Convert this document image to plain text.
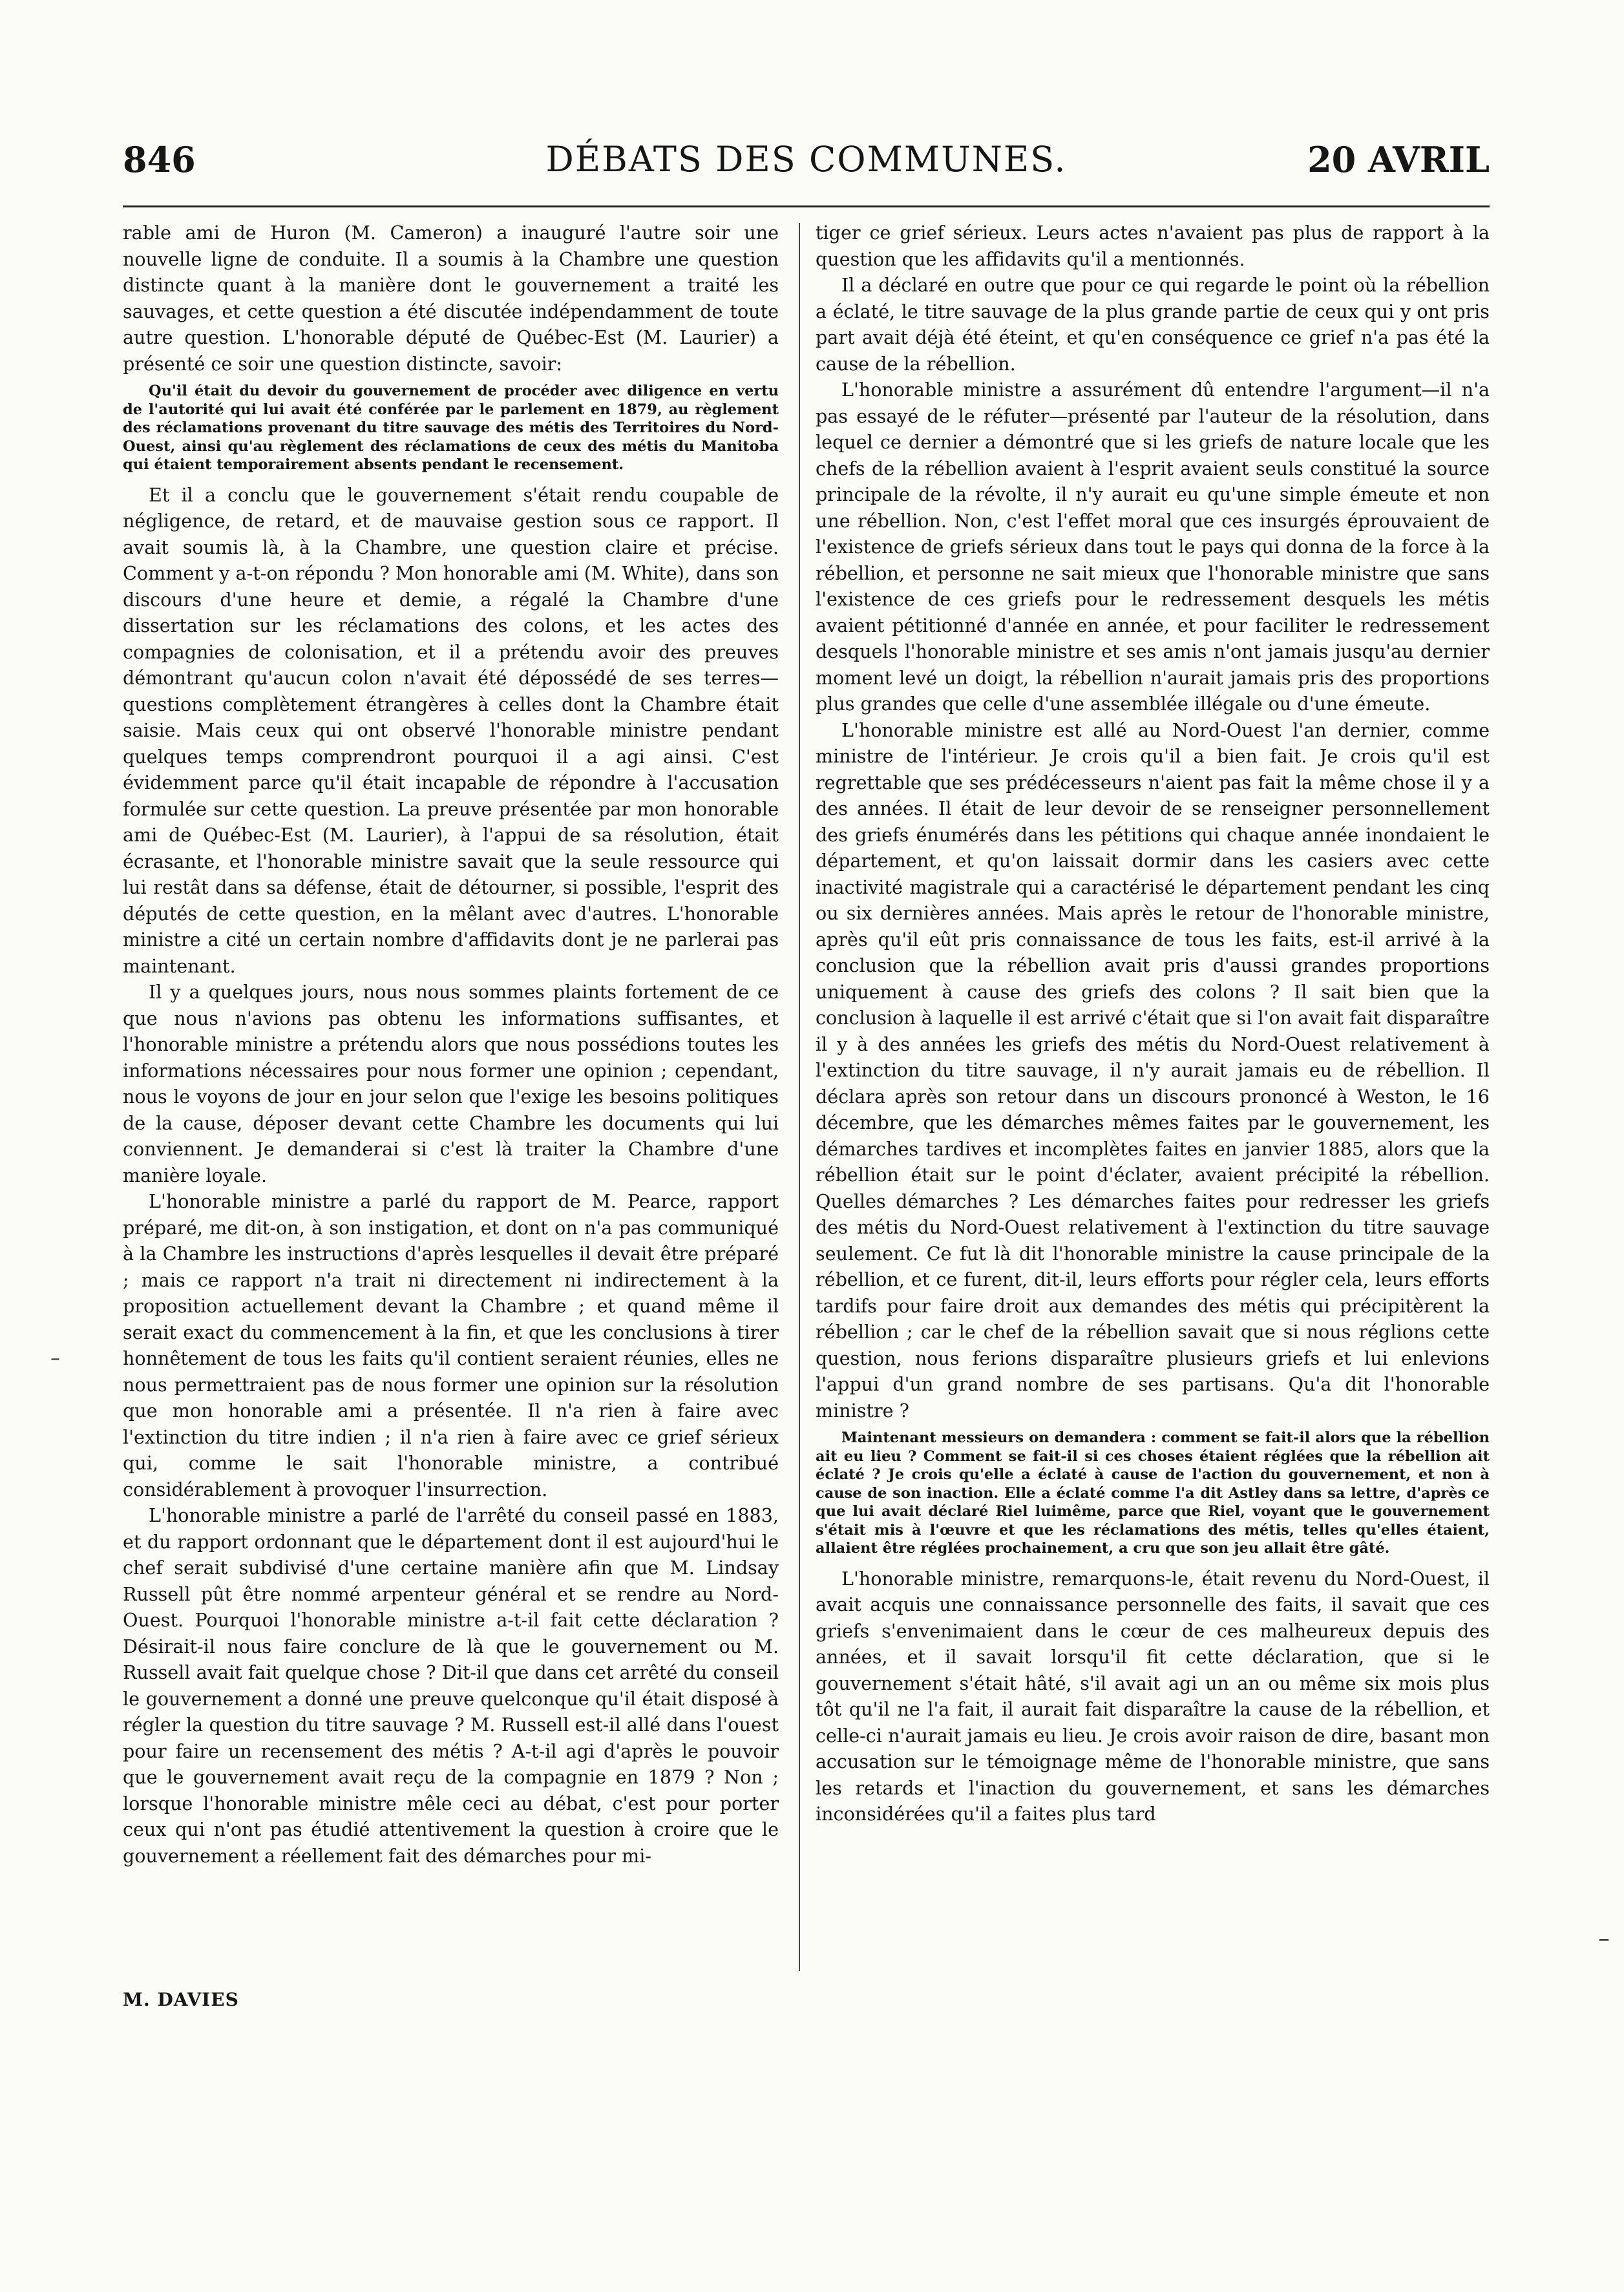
846	DÉBATS DES COMMUNES.	20 AVRIL

rable ami de Huron (M. Cameron) a inauguré l'autre soir une nouvelle ligne de conduite. Il a soumis à la Chambre une question distincte quant à la manière dont le gouvernement a traité les sauvages, et cette question a été discutée indépendamment de toute autre question. L'honorable député de Québec-Est (M. Laurier) a présenté ce soir une question distincte, savoir:

Qu'il était du devoir du gouvernement de procéder avec diligence en vertu de l'autorité qui lui avait été conférée par le parlement en 1879, au règlement des réclamations provenant du titre sauvage des métis des Territoires du Nord-Ouest, ainsi qu'au règlement des réclamations de ceux des métis du Manitoba qui étaient temporairement absents pendant le recensement.

Et il a conclu que le gouvernement s'était rendu coupable de négligence, de retard, et de mauvaise gestion sous ce rapport. Il avait soumis là, à la Chambre, une question claire et précise. Comment y a-t-on répondu ? Mon honorable ami (M. White), dans son discours d'une heure et demie, a régalé la Chambre d'une dissertation sur les réclamations des colons, et les actes des compagnies de colonisation, et il a prétendu avoir des preuves démontrant qu'aucun colon n'avait été dépossédé de ses terres—questions complètement étrangères à celles dont la Chambre était saisie. Mais ceux qui ont observé l'honorable ministre pendant quelques temps comprendront pourquoi il a agi ainsi. C'est évidemment parce qu'il était incapable de répondre à l'accusation formulée sur cette question. La preuve présentée par mon honorable ami de Québec-Est (M. Laurier), à l'appui de sa résolution, était écrasante, et l'honorable ministre savait que la seule ressource qui lui restât dans sa défense, était de détourner, si possible, l'esprit des députés de cette question, en la mêlant avec d'autres. L'honorable ministre a cité un certain nombre d'affidavits dont je ne parlerai pas maintenant.

Il y a quelques jours, nous nous sommes plaints fortement de ce que nous n'avions pas obtenu les informations suffisantes, et l'honorable ministre a prétendu alors que nous possédions toutes les informations nécessaires pour nous former une opinion ; cependant, nous le voyons de jour en jour selon que l'exige les besoins politiques de la cause, déposer devant cette Chambre les documents qui lui conviennent. Je demanderai si c'est là traiter la Chambre d'une manière loyale.

L'honorable ministre a parlé du rapport de M. Pearce, rapport préparé, me dit-on, à son instigation, et dont on n'a pas communiqué à la Chambre les instructions d'après lesquelles il devait être préparé ; mais ce rapport n'a trait ni directement ni indirectement à la proposition actuellement devant la Chambre ; et quand même il serait exact du commencement à la fin, et que les conclusions à tirer honnêtement de tous les faits qu'il contient seraient réunies, elles ne nous permettraient pas de nous former une opinion sur la résolution que mon honorable ami a présentée. Il n'a rien à faire avec l'extinction du titre indien ; il n'a rien à faire avec ce grief sérieux qui, comme le sait l'honorable ministre, a contribué considérablement à provoquer l'insurrection.

L'honorable ministre a parlé de l'arrêté du conseil passé en 1883, et du rapport ordonnant que le département dont il est aujourd'hui le chef serait subdivisé d'une certaine manière afin que M. Lindsay Russell pût être nommé arpenteur général et se rendre au Nord-Ouest. Pourquoi l'honorable ministre a-t-il fait cette déclaration ? Désirait-il nous faire conclure de là que le gouvernement ou M. Russell avait fait quelque chose ? Dit-il que dans cet arrêté du conseil le gouvernement a donné une preuve quelconque qu'il était disposé à régler la question du titre sauvage ? M. Russell est-il allé dans l'ouest pour faire un recensement des métis ? A-t-il agi d'après le pouvoir que le gouvernement avait reçu de la compagnie en 1879 ? Non ; lorsque l'honorable ministre mêle ceci au débat, c'est pour porter ceux qui n'ont pas étudié attentivement la question à croire que le gouvernement a réellement fait des démarches pour mi-

tiger ce grief sérieux. Leurs actes n'avaient pas plus de rapport à la question que les affidavits qu'il a mentionnés.

Il a déclaré en outre que pour ce qui regarde le point où la rébellion a éclaté, le titre sauvage de la plus grande partie de ceux qui y ont pris part avait déjà été éteint, et qu'en conséquence ce grief n'a pas été la cause de la rébellion.

L'honorable ministre a assurément dû entendre l'argument—il n'a pas essayé de le réfuter—présenté par l'auteur de la résolution, dans lequel ce dernier a démontré que si les griefs de nature locale que les chefs de la rébellion avaient à l'esprit avaient seuls constitué la source principale de la révolte, il n'y aurait eu qu'une simple émeute et non une rébellion. Non, c'est l'effet moral que ces insurgés éprouvaient de l'existence de griefs sérieux dans tout le pays qui donna de la force à la rébellion, et personne ne sait mieux que l'honorable ministre que sans l'existence de ces griefs pour le redressement desquels les métis avaient pétitionné d'année en année, et pour faciliter le redressement desquels l'honorable ministre et ses amis n'ont jamais jusqu'au dernier moment levé un doigt, la rébellion n'aurait jamais pris des proportions plus grandes que celle d'une assemblée illégale ou d'une émeute.

L'honorable ministre est allé au Nord-Ouest l'an dernier, comme ministre de l'intérieur. Je crois qu'il a bien fait. Je crois qu'il est regrettable que ses prédécesseurs n'aient pas fait la même chose il y a des années. Il était de leur devoir de se renseigner personnellement des griefs énumérés dans les pétitions qui chaque année inondaient le département, et qu'on laissait dormir dans les casiers avec cette inactivité magistrale qui a caractérisé le département pendant les cinq ou six dernières années. Mais après le retour de l'honorable ministre, après qu'il eût pris connaissance de tous les faits, est-il arrivé à la conclusion que la rébellion avait pris d'aussi grandes proportions uniquement à cause des griefs des colons ? Il sait bien que la conclusion à laquelle il est arrivé c'était que si l'on avait fait disparaître il y à des années les griefs des métis du Nord-Ouest relativement à l'extinction du titre sauvage, il n'y aurait jamais eu de rébellion. Il déclara après son retour dans un discours prononcé à Weston, le 16 décembre, que les démarches mêmes faites par le gouvernement, les démarches tardives et incomplètes faites en janvier 1885, alors que la rébellion était sur le point d'éclater, avaient précipité la rébellion. Quelles démarches ? Les démarches faites pour redresser les griefs des métis du Nord-Ouest relativement à l'extinction du titre sauvage seulement. Ce fut là dit l'honorable ministre la cause principale de la rébellion, et ce furent, dit-il, leurs efforts pour régler cela, leurs efforts tardifs pour faire droit aux demandes des métis qui précipitèrent la rébellion ; car le chef de la rébellion savait que si nous réglions cette question, nous ferions disparaître plusieurs griefs et lui enlevions l'appui d'un grand nombre de ses partisans. Qu'a dit l'honorable ministre ?

Maintenant messieurs on demandera : comment se fait-il alors que la rébellion ait eu lieu ? Comment se fait-il si ces choses étaient réglées que la rébellion ait éclaté ? Je crois qu'elle a éclaté à cause de l'action du gouvernement, et non à cause de son inaction. Elle a éclaté comme l'a dit Astley dans sa lettre, d'après ce que lui avait déclaré Riel luimême, parce que Riel, voyant que le gouvernement s'était mis à l'œuvre et que les réclamations des métis, telles qu'elles étaient, allaient être réglées prochainement, a cru que son jeu allait être gâté.

L'honorable ministre, remarquons-le, était revenu du Nord-Ouest, il avait acquis une connaissance personnelle des faits, il savait que ces griefs s'envenimaient dans le cœur de ces malheureux depuis des années, et il savait lorsqu'il fit cette déclaration, que si le gouvernement s'était hâté, s'il avait agi un an ou même six mois plus tôt qu'il ne l'a fait, il aurait fait disparaître la cause de la rébellion, et celle-ci n'aurait jamais eu lieu. Je crois avoir raison de dire, basant mon accusation sur le témoignage même de l'honorable ministre, que sans les retards et l'inaction du gouvernement, et sans les démarches inconsidérées qu'il a faites plus tard

M. DAVIES
–
–
